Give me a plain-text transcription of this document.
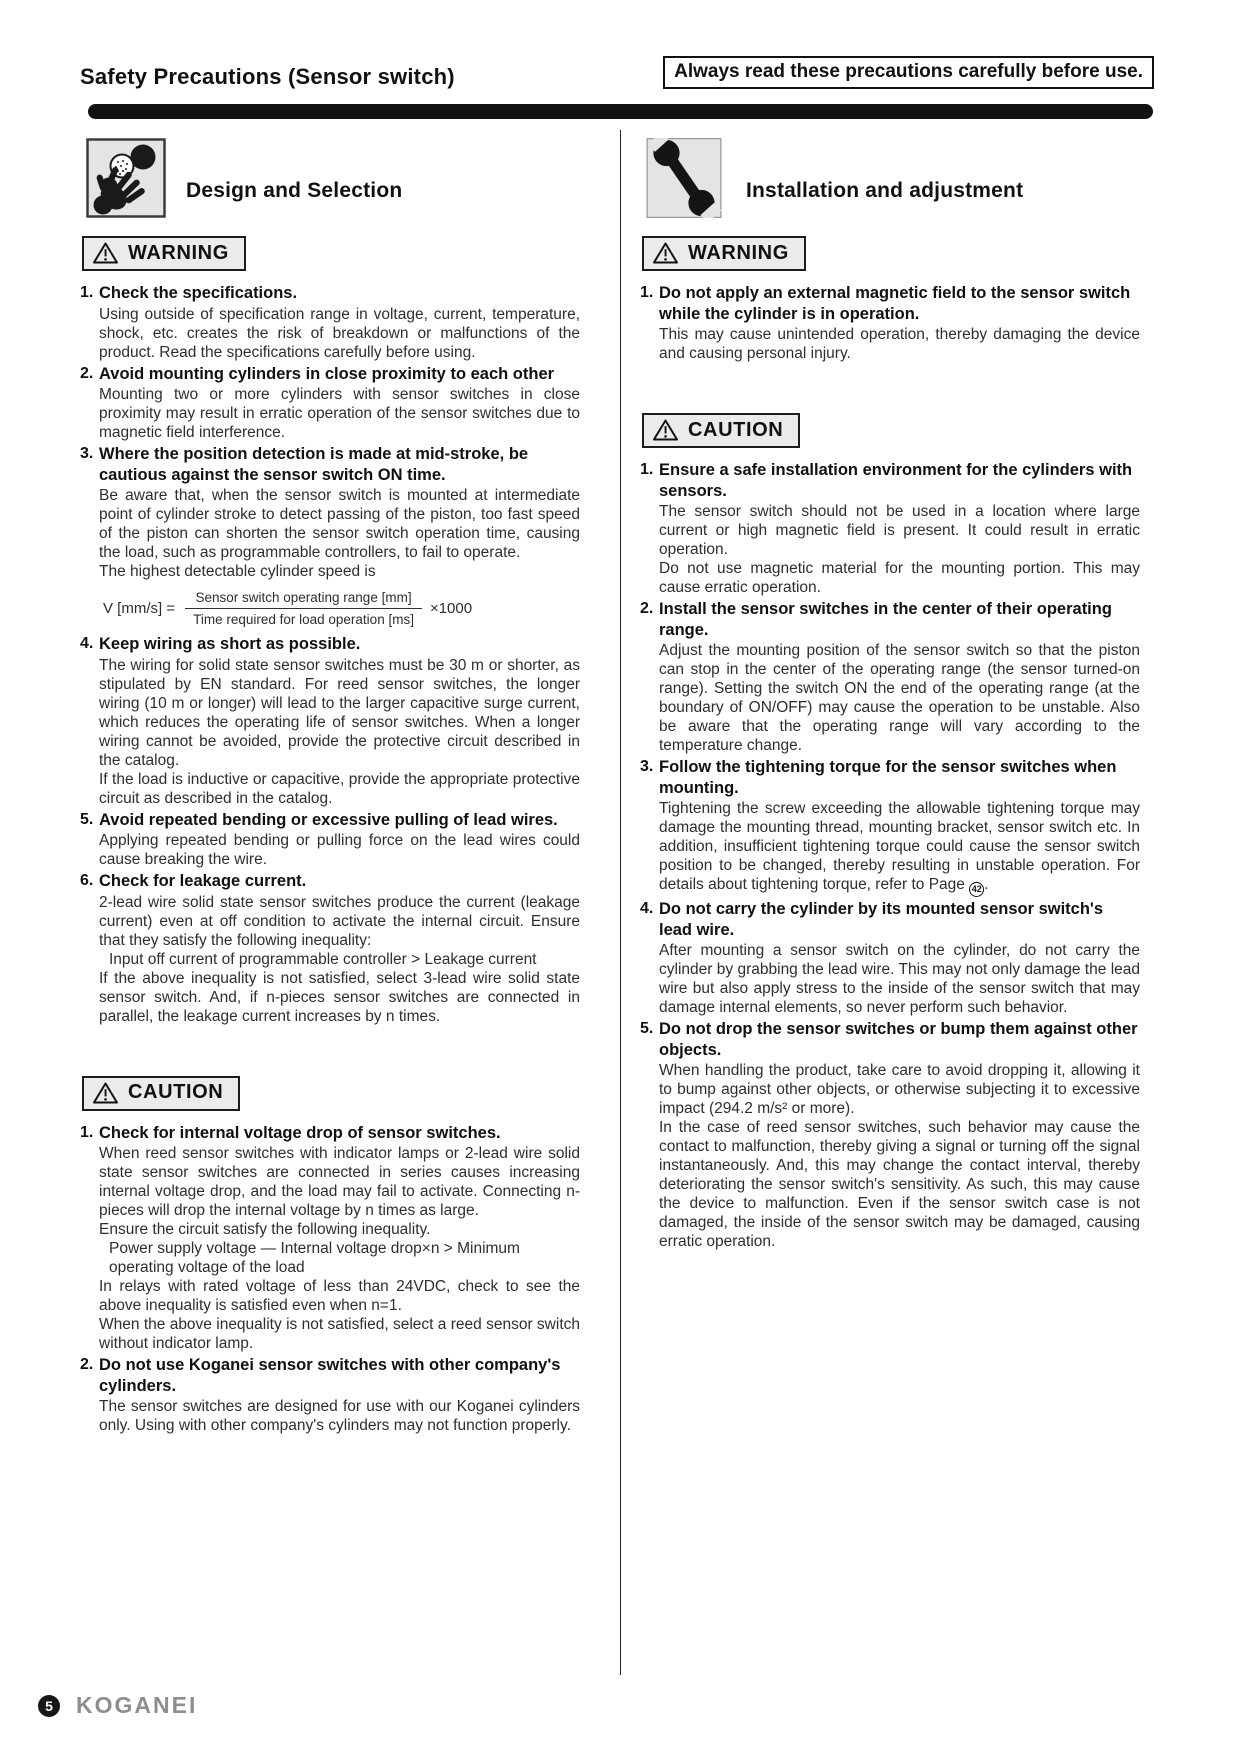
Safety Precautions (Sensor switch)	Always read these precautions carefully before use.
Design and Selection
WARNING
1. Check the specifications.

Using outside of specification range in voltage, current, temperature, shock, etc. creates the risk of breakdown or malfunctions of the product. Read the specifications carefully before using.

2. Avoid mounting cylinders in close proximity to each other

Mounting two or more cylinders with sensor switches in close proximity may result in erratic operation of the sensor switches due to magnetic field interference.

3. Where the position detection is made at mid-stroke, be cautious against the sensor switch ON time.

Be aware that, when the sensor switch is mounted at intermediate point of cylinder stroke to detect passing of the piston, too fast speed of the piston can shorten the sensor switch operation time, causing the load, such as programmable controllers, to fail to operate.

The highest detectable cylinder speed is

V $[mm/s] = \frac{\text{Sensor switch operating range [mm]}}{\text{Time required for load operation [ms]}} \times 1000$
4. Keep wiring as short as possible.

The wiring for solid state sensor switches must be 30 m or shorter, as stipulated by EN standard. For reed sensor switches, the longer wiring (10 m or longer) will lead to the larger capacitive surge current, which reduces the operating life of sensor switches. When a longer wiring cannot be avoided, provide the protective circuit described in the catalog.

If the load is inductive or capacitive, provide the appropriate protective circuit as described in the catalog.

5. Avoid repeated bending or excessive pulling of lead wires.

Applying repeated bending or pulling force on the lead wires could cause breaking the wire.

6. Check for leakage current.

2-lead wire solid state sensor switches produce the current (leakage current) even at off condition to activate the internal circuit. Ensure that they satisfy the following inequality:

Input off current of programmable controller > Leakage current

If the above inequality is not satisfied, select 3-lead wire solid state sensor switch. And, if n-pieces sensor switches are connected in parallel, the leakage current increases by n times.

CAUTION
1. Check for internal voltage drop of sensor switches.

When reed sensor switches with indicator lamps or 2-lead wire solid state sensor switches are connected in series causes increasing internal voltage drop, and the load may fail to activate. Connecting n-pieces will drop the internal voltage by n times as large.

Ensure the circuit satisfy the following inequality.

Power supply voltage — Internal voltage drop×n > Minimum operating voltage of the load

In relays with rated voltage of less than 24VDC, check to see the above inequality is satisfied even when n=1.

When the above inequality is not satisfied, select a reed sensor switch without indicator lamp.

2. Do not use Koganei sensor switches with other company's cylinders.

The sensor switches are designed for use with our Koganei cylinders only. Using with other company's cylinders may not function properly.

Installation and adjustment
WARNING
1. Do not apply an external magnetic field to the sensor switch while the cylinder is in operation.

This may cause unintended operation, thereby damaging the device and causing personal injury.

CAUTION
1. Ensure a safe installation environment for the cylinders with sensors.

The sensor switch should not be used in a location where large current or high magnetic field is present. It could result in erratic operation.

Do not use magnetic material for the mounting portion. This may cause erratic operation.

2. Install the sensor switches in the center of their operating range.

Adjust the mounting position of the sensor switch so that the piston can stop in the center of the operating range (the sensor turned-on range). Setting the switch ON the end of the operating range (at the boundary of ON/OFF) may cause the operation to be unstable. Also be aware that the operating range will vary according to the temperature change.

3. Follow the tightening torque for the sensor switches when mounting.

Tightening the screw exceeding the allowable tightening torque may damage the mounting thread, mounting bracket, sensor switch etc. In addition, insufficient tightening torque could cause the sensor switch position to be changed, thereby resulting in unstable operation. For details about tightening torque, refer to Page 42 .

4. Do not carry the cylinder by its mounted sensor switch's lead wire.

After mounting a sensor switch on the cylinder, do not carry the cylinder by grabbing the lead wire. This may not only damage the lead wire but also apply stress to the inside of the sensor switch that may damage internal elements, so never perform such behavior.

5. Do not drop the sensor switches or bump them against other objects.

When handling the product, take care to avoid dropping it, allowing it to bump against other objects, or otherwise subjecting it to excessive impact (294.2 m/s² or more).

In the case of reed sensor switches, such behavior may cause the contact to malfunction, thereby giving a signal or turning off the signal instantaneously. And, this may change the contact interval, thereby deteriorating the sensor switch's sensitivity. As such, this may cause the device to malfunction. Even if the sensor switch case is not damaged, the inside of the sensor switch may be damaged, causing erratic operation.

5	KOGANEI
